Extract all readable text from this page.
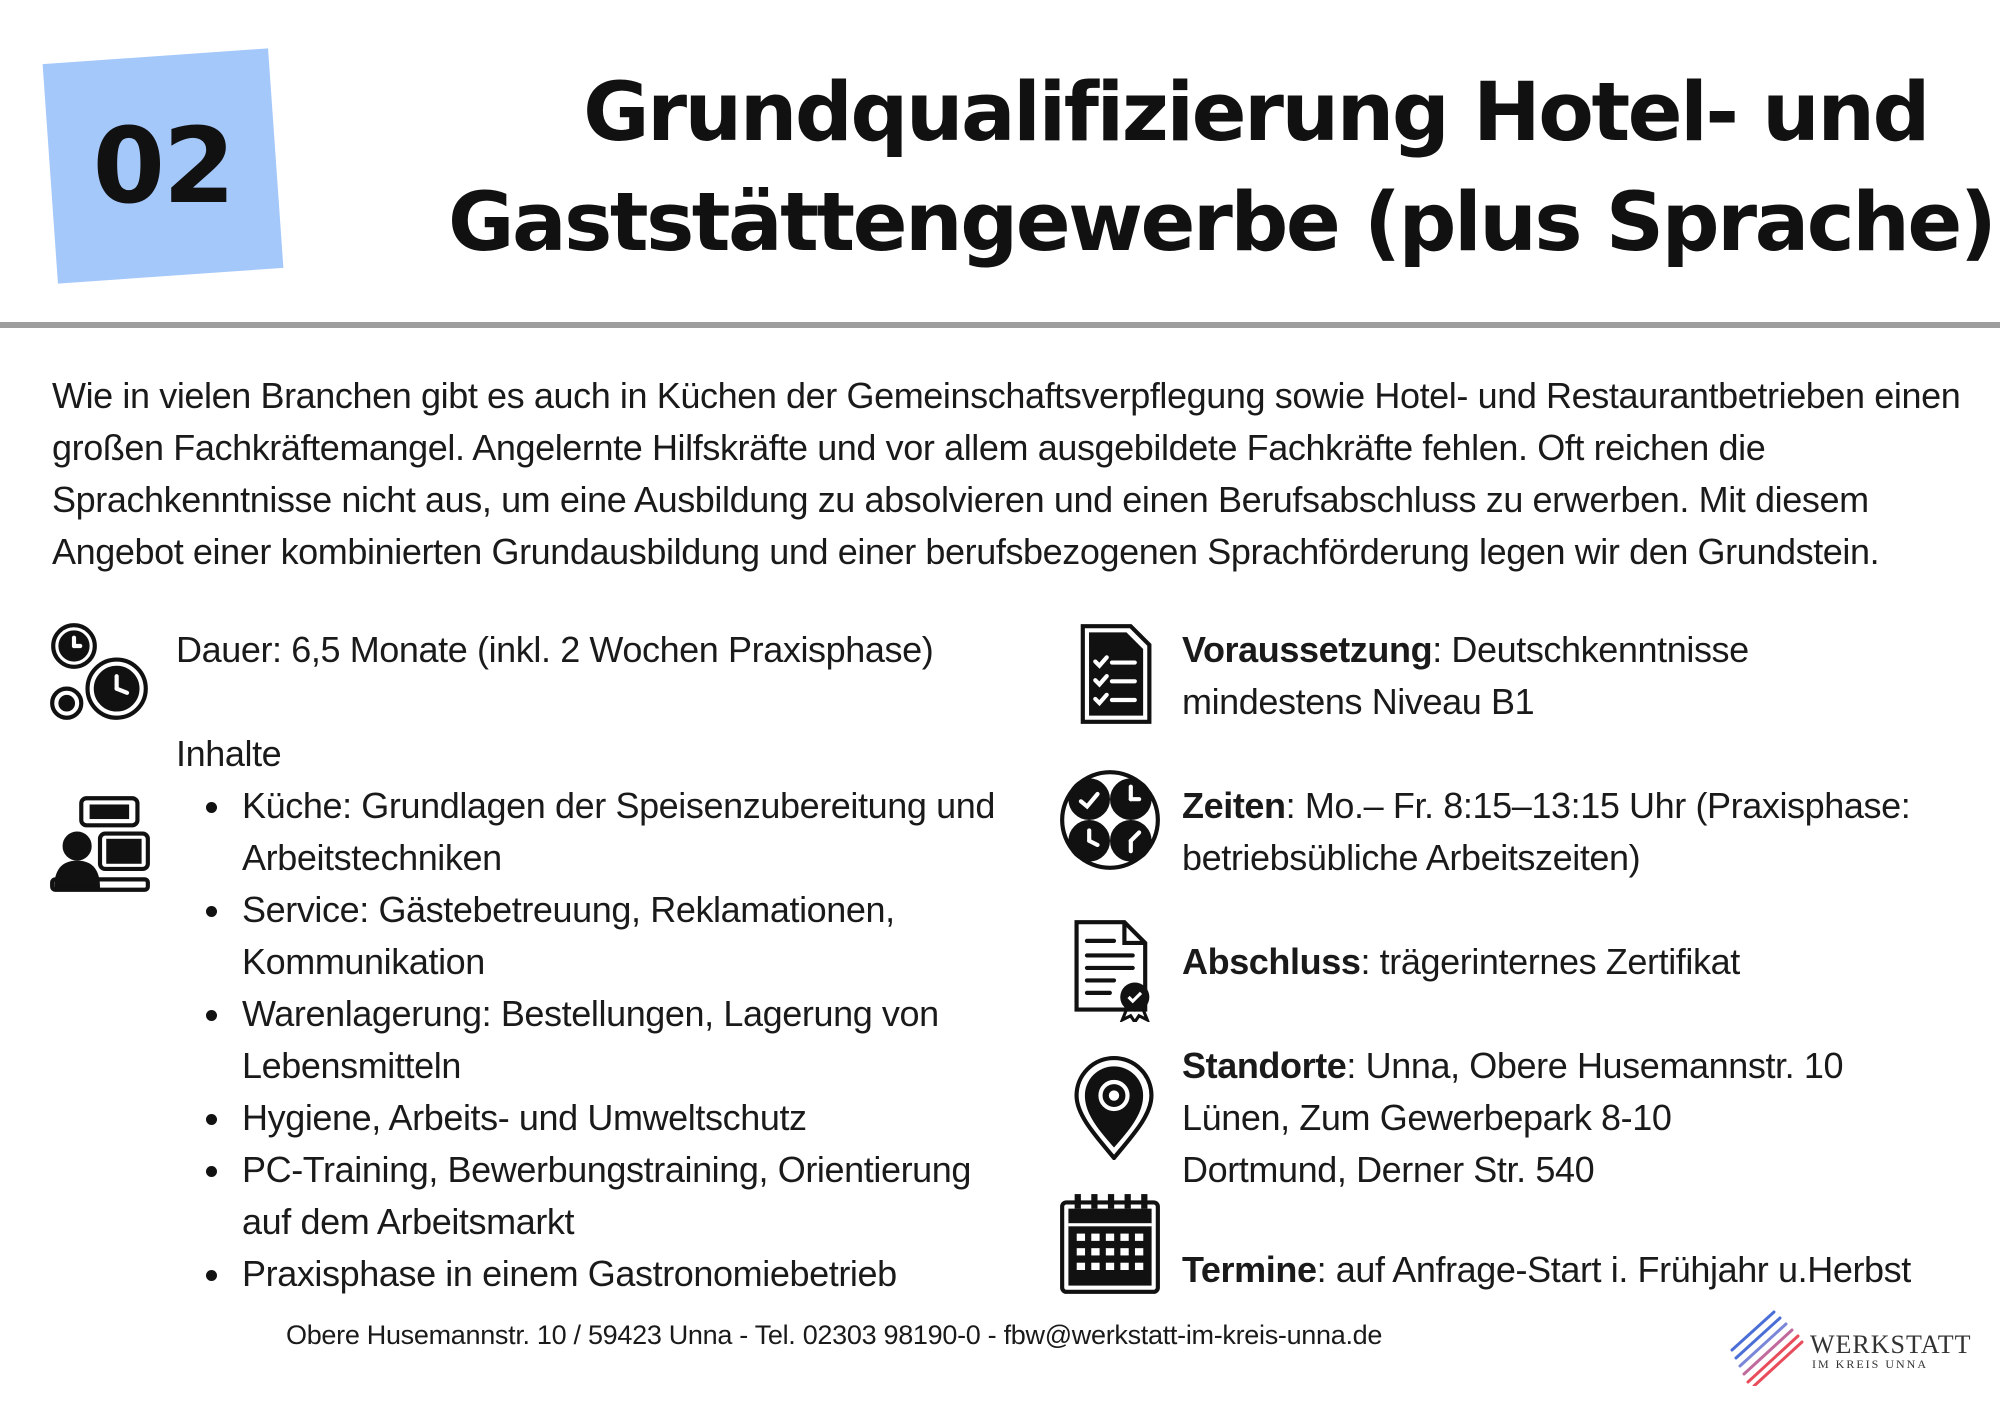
02	Grundqualifizierung Hotel- und
Gaststättengewerbe (plus Sprache)
Wie in vielen Branchen gibt es auch in Küchen der Gemeinschaftsverpflegung sowie Hotel- und Restaurantbetrieben einen großen Fachkräftemangel. Angelernte Hilfskräfte und vor allem ausgebildete Fachkräfte fehlen. Oft reichen die Sprachkenntnisse nicht aus, um eine Ausbildung zu absolvieren und einen Berufsabschluss zu erwerben. Mit diesem Angebot einer kombinierten Grundausbildung und einer berufsbezogenen Sprachförderung legen wir den Grundstein.
Dauer: 6,5 Monate (inkl. 2 Wochen Praxisphase)
Inhalte
Küche: Grundlagen der Speisenzubereitung und Arbeitstechniken
Service: Gästebetreuung, Reklamationen, Kommunikation
Warenlagerung: Bestellungen, Lagerung von Lebensmitteln
Hygiene, Arbeits- und Umweltschutz
PC-Training, Bewerbungstraining, Orientierung auf dem Arbeitsmarkt
Praxisphase in einem Gastronomiebetrieb
Voraussetzung: Deutschkenntnisse
mindestens Niveau B1
Zeiten: Mo.– Fr. 8:15–13:15 Uhr (Praxisphase:
betriebsübliche Arbeitszeiten)
Abschluss: trägerinternes Zertifikat
Standorte: Unna, Obere Husemannstr. 10
Lünen, Zum Gewerbepark 8-10
Dortmund, Derner Str. 540
Termine: auf Anfrage-Start i. Frühjahr u.Herbst
Obere Husemannstr. 10 / 59423 Unna - Tel. 02303 98190-0 - fbw@werkstatt-im-kreis-unna.de	WERKSTATT
IM KREIS UNNA
